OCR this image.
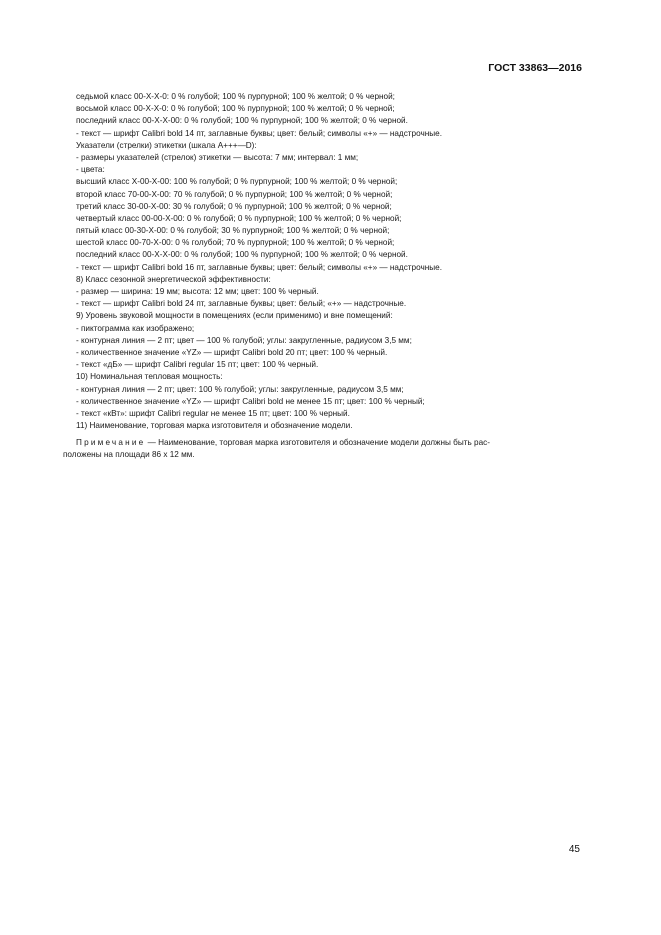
ГОСТ 33863—2016
седьмой класс 00-Х-Х-0: 0 % голубой; 100 % пурпурной; 100 % желтой; 0 % черной;
восьмой класс 00-Х-Х-0: 0 % голубой; 100 % пурпурной; 100 % желтой; 0 % черной;
последний класс 00-Х-Х-00: 0 % голубой; 100 % пурпурной; 100 % желтой; 0 % черной.
- текст — шрифт Calibri bold 14 пт, заглавные буквы; цвет: белый; символы «+» — надстрочные.
Указатели (стрелки) этикетки (шкала А+++—D):
- размеры указателей (стрелок) этикетки — высота: 7 мм; интервал: 1 мм;
- цвета:
высший класс Х-00-Х-00: 100 % голубой; 0 % пурпурной; 100 % желтой; 0 % черной;
второй класс 70-00-Х-00: 70 % голубой; 0 % пурпурной; 100 % желтой; 0 % черной;
третий класс 30-00-Х-00: 30 % голубой; 0 % пурпурной; 100 % желтой; 0 % черной;
четвертый класс 00-00-Х-00: 0 % голубой; 0 % пурпурной; 100 % желтой; 0 % черной;
пятый класс 00-30-Х-00: 0 % голубой; 30 % пурпурной; 100 % желтой; 0 % черной;
шестой класс 00-70-Х-00: 0 % голубой; 70 % пурпурной; 100 % желтой; 0 % черной;
последний класс 00-Х-Х-00: 0 % голубой; 100 % пурпурной; 100 % желтой; 0 % черной.
- текст — шрифт Calibri bold 16 пт, заглавные буквы; цвет: белый; символы «+» — надстрочные.
8) Класс сезонной энергетической эффективности:
- размер — ширина: 19 мм; высота: 12 мм; цвет: 100 % черный.
- текст — шрифт Calibri bold 24 пт, заглавные буквы; цвет: белый; «+» — надстрочные.
9) Уровень звуковой мощности в помещениях (если применимо) и вне помещений:
- пиктограмма как изображено;
- контурная линия — 2 пт; цвет — 100 % голубой; углы: закругленные, радиусом 3,5 мм;
- количественное значение «YZ» — шрифт Calibri bold 20 пт; цвет: 100 % черный.
- текст «дБ» — шрифт Calibri regular 15 пт; цвет: 100 % черный.
10) Номинальная тепловая мощность:
- контурная линия — 2 пт; цвет: 100 % голубой; углы: закругленные, радиусом 3,5 мм;
- количественное значение «YZ» — шрифт Calibri bold не менее 15 пт; цвет: 100 % черный;
- текст «кВт»: шрифт Calibri regular не менее 15 пт; цвет: 100 % черный.
11) Наименование, торговая марка изготовителя и обозначение модели.
Примечание — Наименование, торговая марка изготовителя и обозначение модели должны быть рас-
положены на площади 86 х 12 мм.
45
